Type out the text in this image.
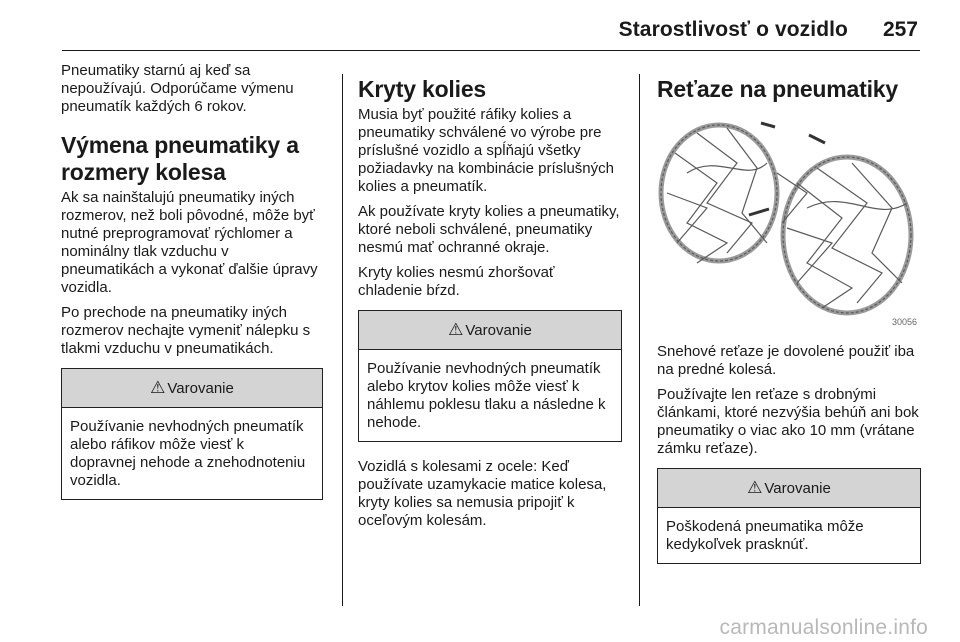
Starostlivosť o vozidlo 257

Pneumatiky starnú aj keď sa nepoužívajú. Odporúčame výmenu pneumatík každých 6 rokov.

Výmena pneumatiky a rozmery kolesa

Ak sa nainštalujú pneumatiky iných rozmerov, než boli pôvodné, môže byť nutné preprogramovať rýchlomer a nominálny tlak vzduchu v pneumatikách a vykonať ďalšie úpravy vozidla.

Po prechode na pneumatiky iných rozmerov nechajte vymeniť nálepku s tlakmi vzduchu v pneumatikách.

⚠ Varovanie
Používanie nevhodných pneumatík alebo ráfikov môže viesť k dopravnej nehode a znehodnoteniu vozidla.
Kryty kolies

Musia byť použité ráfiky kolies a pneumatiky schválené vo výrobe pre príslušné vozidlo a spĺňajú všetky požiadavky na kombinácie príslušných kolies a pneumatík.

Ak používate kryty kolies a pneumatiky, ktoré neboli schválené, pneumatiky nesmú mať ochranné okraje.

Kryty kolies nesmú zhoršovať chladenie bŕzd.

⚠ Varovanie
Používanie nevhodných pneumatík alebo krytov kolies môže viesť k náhlemu poklesu tlaku a následne k nehode.

Vozidlá s kolesami z ocele: Keď používate uzamykacie matice kolesa, kryty kolies sa nemusia pripojiť k oceľovým kolesám.

Reťaze na pneumatiky
30056

Snehové reťaze je dovolené použiť iba na predné kolesá.

Používajte len reťaze s drobnými článkami, ktoré nezvýšia behúň ani bok pneumatiky o viac ako 10 mm (vrátane zámku reťaze).

⚠ Varovanie
Poškodená pneumatika môže kedykoľvek prasknúť.
carmanualsonline.info
